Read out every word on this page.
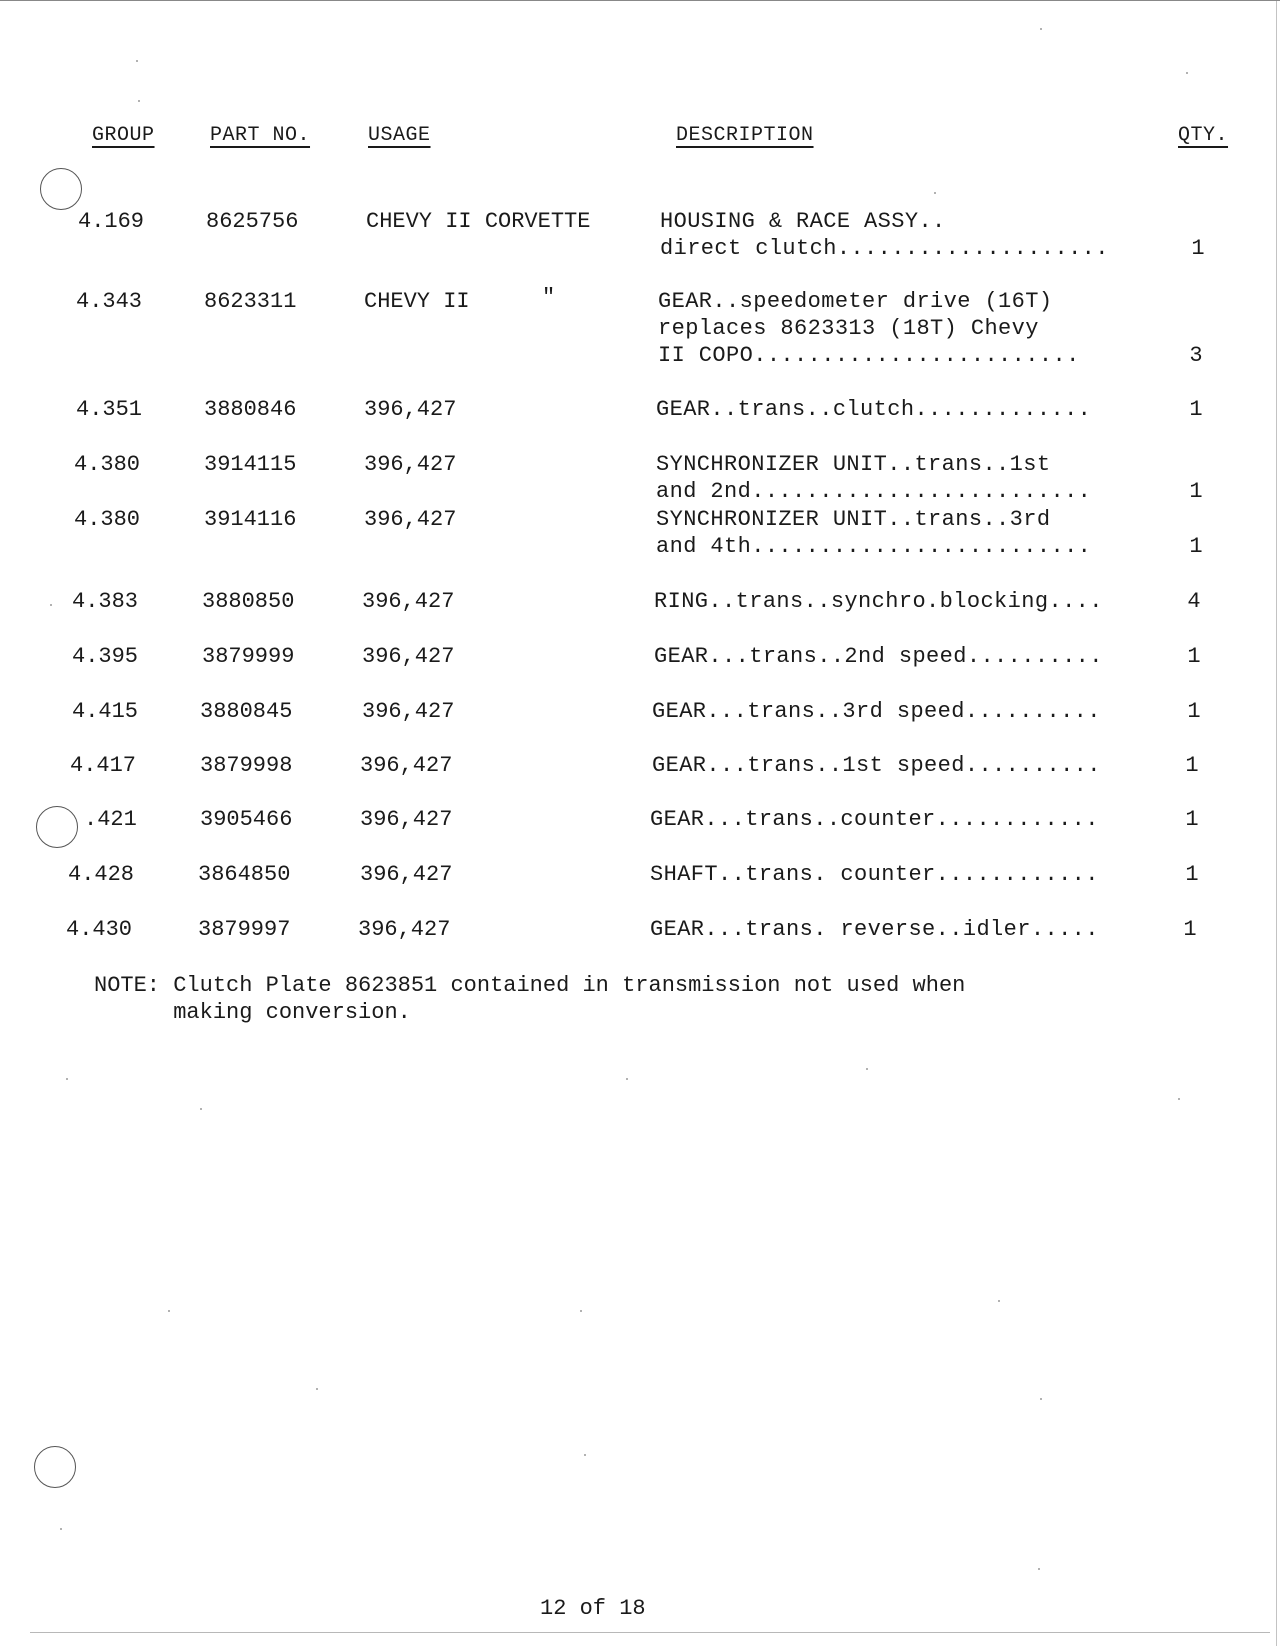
GROUP	PART NO.	USAGE	DESCRIPTION	QTY.
4.169	8625756	CHEVY II CORVETTE	HOUSING & RACE ASSY..
direct clutch....................	1
4.343	8623311	CHEVY II	"	GEAR..speedometer drive (16T)
replaces 8623313 (18T) Chevy
II COPO........................	3
4.351	3880846	396,427	GEAR..trans..clutch.............	1
4.380	3914115	396,427	SYNCHRONIZER UNIT..trans..1st
and 2nd.........................	1
4.380	3914116	396,427	SYNCHRONIZER UNIT..trans..3rd
and 4th.........................	1
4.383	3880850	396,427	RING..trans..synchro.blocking....	4
4.395	3879999	396,427	GEAR...trans..2nd speed..........	1
4.415	3880845	396,427	GEAR...trans..3rd speed..........	1
4.417	3879998	396,427	GEAR...trans..1st speed..........	1
.421	3905466	396,427	GEAR...trans..counter............	1
4.428	3864850	396,427	SHAFT..trans. counter............	1
4.430	3879997	396,427	GEAR...trans. reverse..idler.....	1
NOTE: Clutch Plate 8623851 contained in transmission not used when
making conversion.
12 of 18
